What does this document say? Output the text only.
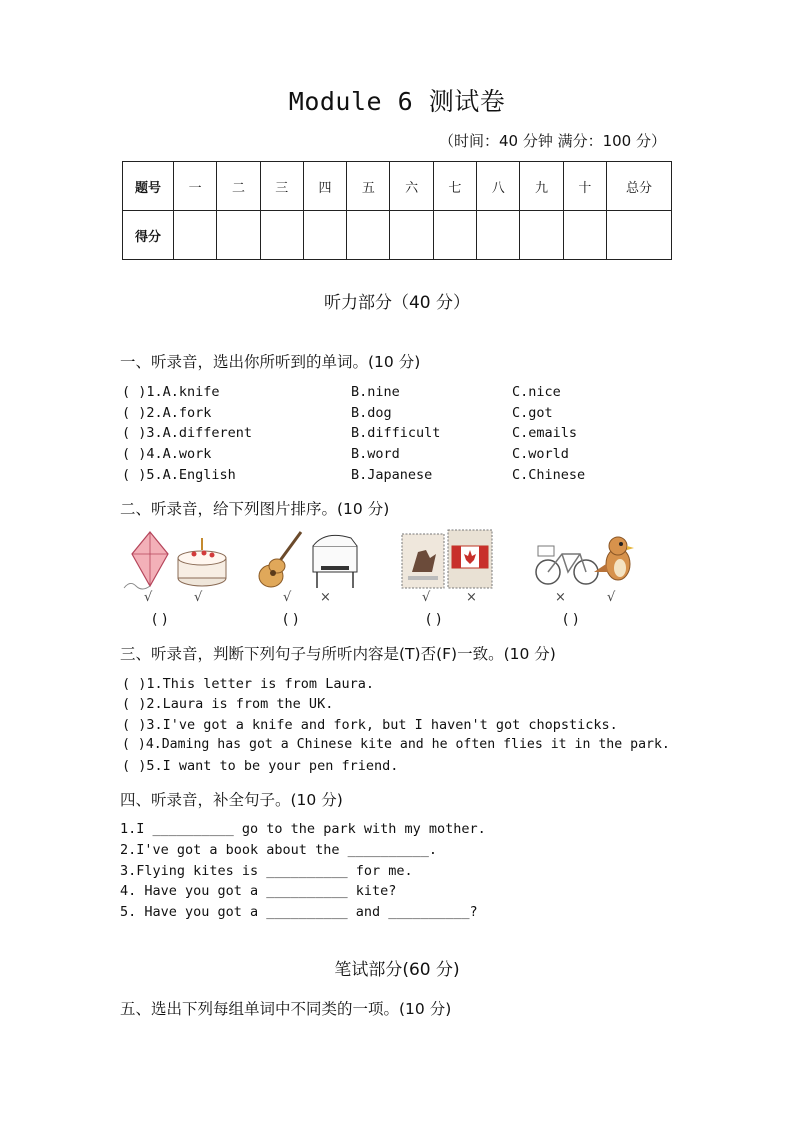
Module 6 测试卷
（时间：40 分钟 满分：100 分）
题号	一	二	三	四	五	六	七	八	九	十	总分
得分											
听力部分（40 分）
一、听录音，选出你所听到的单词。(10 分)
( )1.A.knife	B.nine	C.nice
( )2.A.fork	B.dog	C.got
( )3.A.different	B.difficult	C.emails
( )4.A.work	B.word	C.world
( )5.A.English	B.Japanese	C.Chinese
二、听录音，给下列图片排序。(10 分)
√	√	√ ×	√	×	×	√
( )	( )	( )	( )
三、听录音，判断下列句子与所听内容是(T)否(F)一致。(10 分)
( )1.This letter is from Laura.
( )2.Laura is from the UK.
( )3.I've got a knife and fork, but I haven't got chopsticks.
( )4.Daming has got a Chinese kite and he often flies it in the park.
( )5.I want to be your pen friend.
四、听录音，补全句子。(10 分)
1.I __________ go to the park with my mother.
2.I've got a book about the __________.
3.Flying kites is __________ for me.
4. Have you got a __________ kite?
5. Have you got a __________ and __________?
笔试部分(60 分)
五、选出下列每组单词中不同类的一项。(10 分)
